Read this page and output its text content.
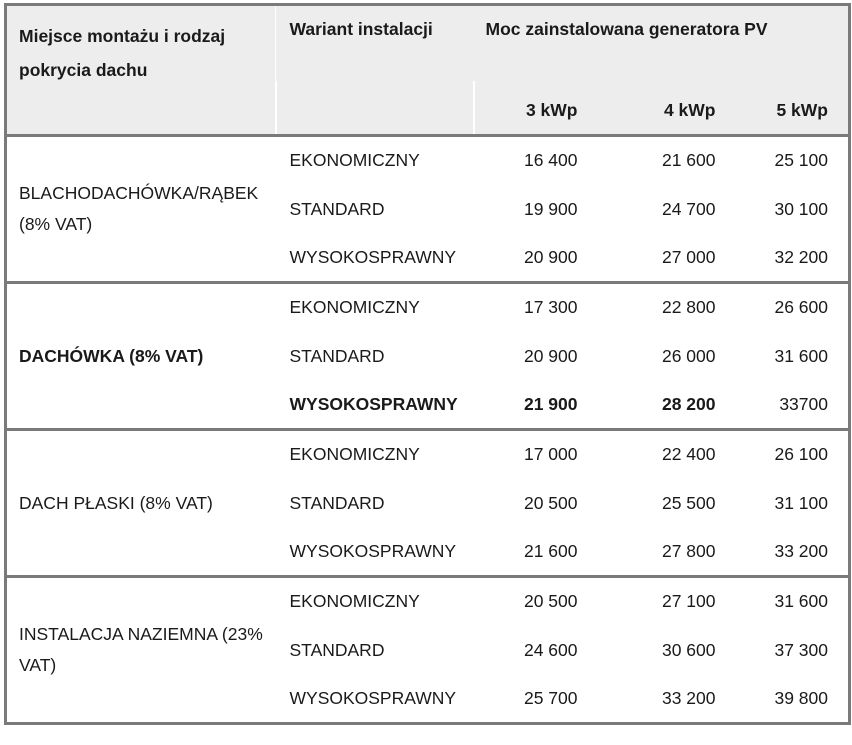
Miejsce montażu i rodzaj pokrycia dachu	Wariant instalacji	Moc zainstalowana generatora PV		
		3 kWp	4 kWp	5 kWp
BLACHODACHÓWKA/RĄBEK (8% VAT)	EKONOMICZNY	16 400	21 600	25 100
	STANDARD	19 900	24 700	30 100
	WYSOKOSPRAWNY	20 900	27 000	32 200
DACHÓWKA (8% VAT)	EKONOMICZNY	17 300	22 800	26 600
	STANDARD	20 900	26 000	31 600
	WYSOKOSPRAWNY	21 900	28 200	33700
DACH PŁASKI (8% VAT)	EKONOMICZNY	17 000	22 400	26 100
	STANDARD	20 500	25 500	31 100
	WYSOKOSPRAWNY	21 600	27 800	33 200
INSTALACJA NAZIEMNA (23% VAT)	EKONOMICZNY	20 500	27 100	31 600
	STANDARD	24 600	30 600	37 300
	WYSOKOSPRAWNY	25 700	33 200	39 800
